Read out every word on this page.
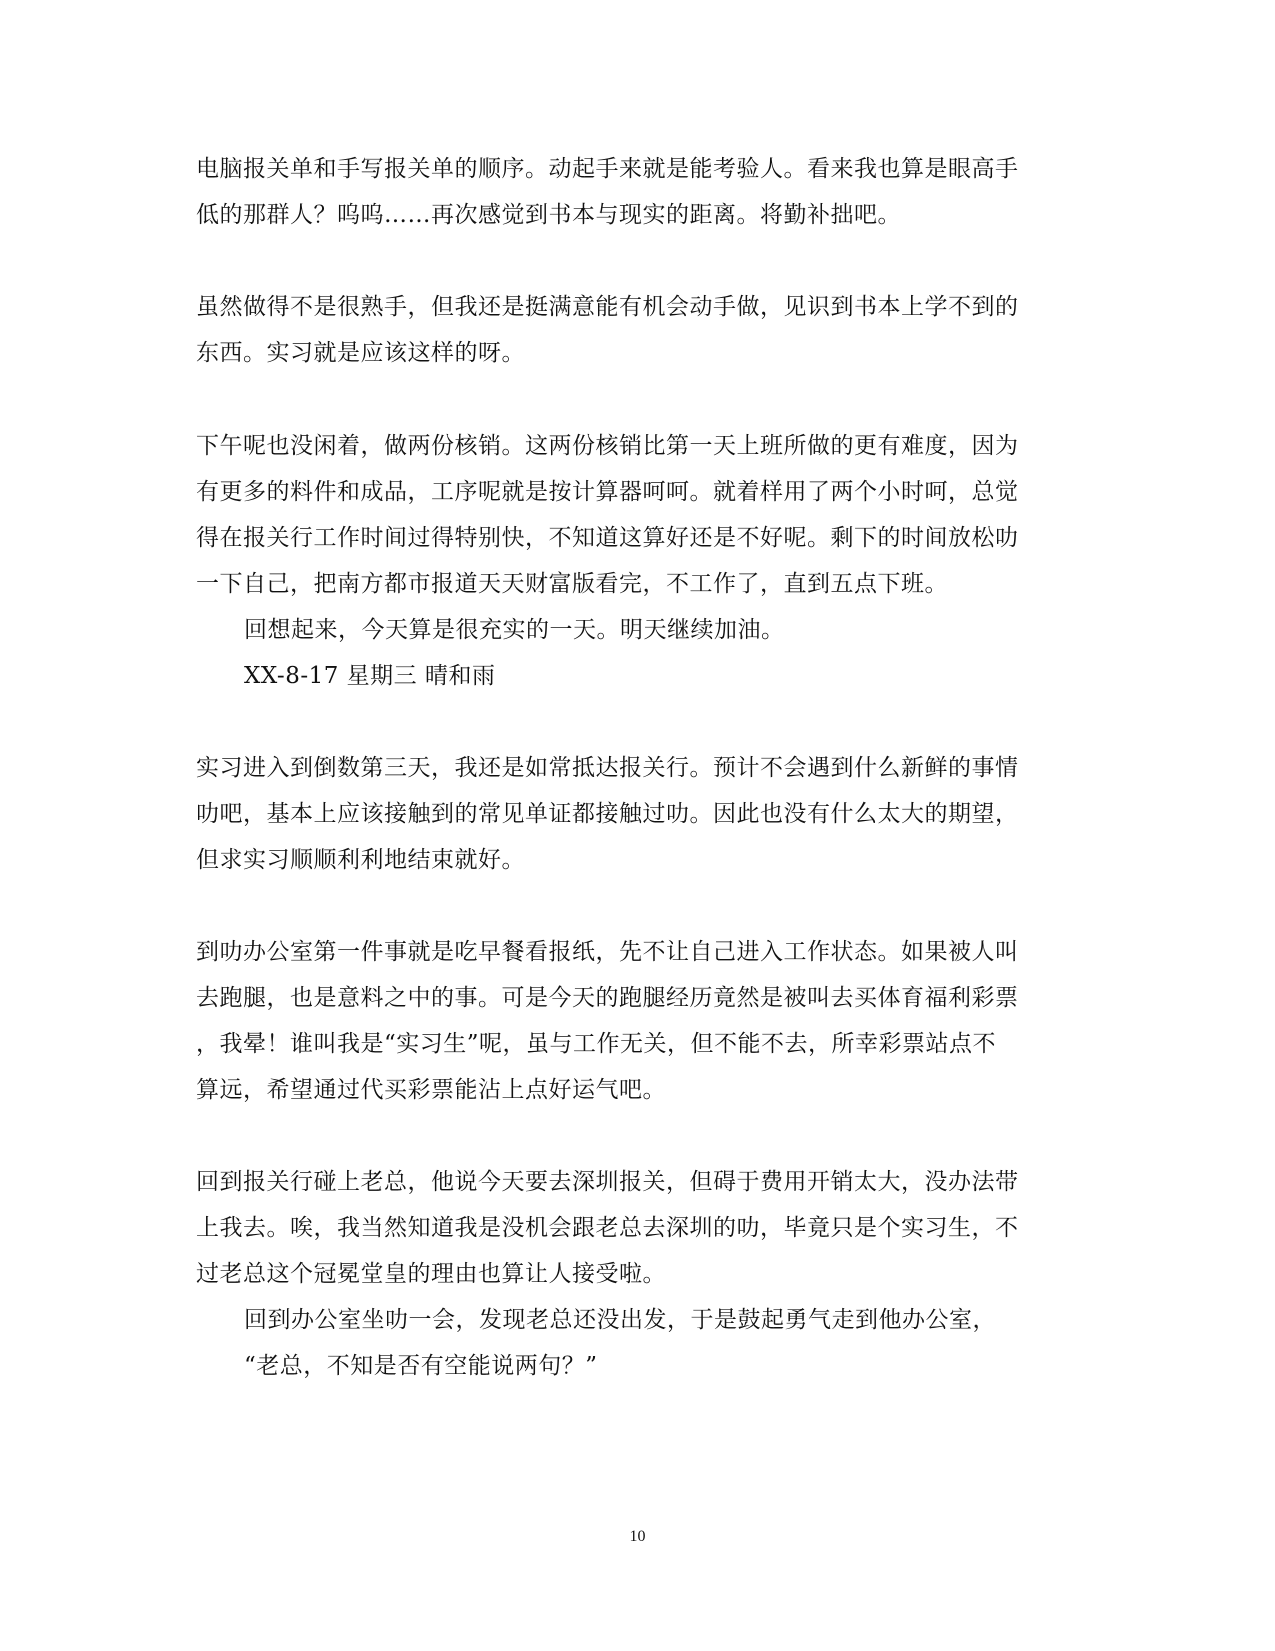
电脑报关单和手写报关单的顺序。动起手来就是能考验人。看来我也算是眼高手

低的那群人？呜呜……再次感觉到书本与现实的距离。将勤补拙吧。

虽然做得不是很熟手，但我还是挺满意能有机会动手做，见识到书本上学不到的

东西。实习就是应该这样的呀。

下午呢也没闲着，做两份核销。这两份核销比第一天上班所做的更有难度，因为

有更多的料件和成品，工序呢就是按计算器呵呵。就着样用了两个小时呵，总觉

得在报关行工作时间过得特别快，不知道这算好还是不好呢。剩下的时间放松叻

一下自己，把南方都市报道天天财富版看完，不工作了，直到五点下班。

回想起来，今天算是很充实的一天。明天继续加油。

XX-8-17 星期三 晴和雨

实习进入到倒数第三天，我还是如常抵达报关行。预计不会遇到什么新鲜的事情

叻吧，基本上应该接触到的常见单证都接触过叻。因此也没有什么太大的期望，

但求实习顺顺利利地结束就好。

到叻办公室第一件事就是吃早餐看报纸，先不让自己进入工作状态。如果被人叫

去跑腿，也是意料之中的事。可是今天的跑腿经历竟然是被叫去买体育福利彩票

，我晕！谁叫我是“实习生”呢，虽与工作无关，但不能不去，所幸彩票站点不

算远，希望通过代买彩票能沾上点好运气吧。

回到报关行碰上老总，他说今天要去深圳报关，但碍于费用开销太大，没办法带

上我去。唉，我当然知道我是没机会跟老总去深圳的叻，毕竟只是个实习生，不

过老总这个冠冕堂皇的理由也算让人接受啦。

回到办公室坐叻一会，发现老总还没出发，于是鼓起勇气走到他办公室，

“老总，不知是否有空能说两句？”

10
